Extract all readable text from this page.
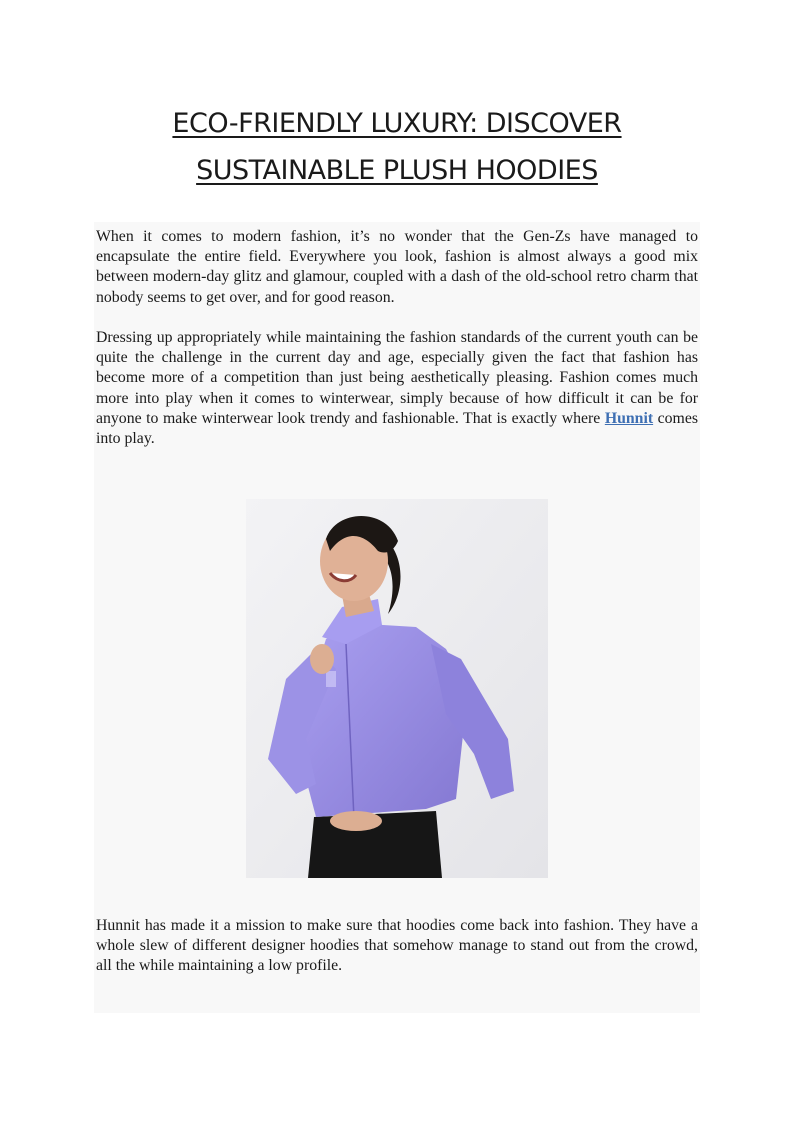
ECO-FRIENDLY LUXURY: DISCOVER
SUSTAINABLE PLUSH HOODIES

When it comes to modern fashion, it’s no wonder that the Gen-Zs have managed to encapsulate the entire field. Everywhere you look, fashion is almost always a good mix between modern-day glitz and glamour, coupled with a dash of the old-school retro charm that nobody seems to get over, and for good reason.

Dressing up appropriately while maintaining the fashion standards of the current youth can be quite the challenge in the current day and age, especially given the fact that fashion has become more of a competition than just being aesthetically pleasing. Fashion comes much more into play when it comes to winterwear, simply because of how difficult it can be for anyone to make winterwear look trendy and fashionable. That is exactly where Hunnit comes into play.

Hunnit has made it a mission to make sure that hoodies come back into fashion. They have a whole slew of different designer hoodies that somehow manage to stand out from the crowd, all the while maintaining a low profile.
